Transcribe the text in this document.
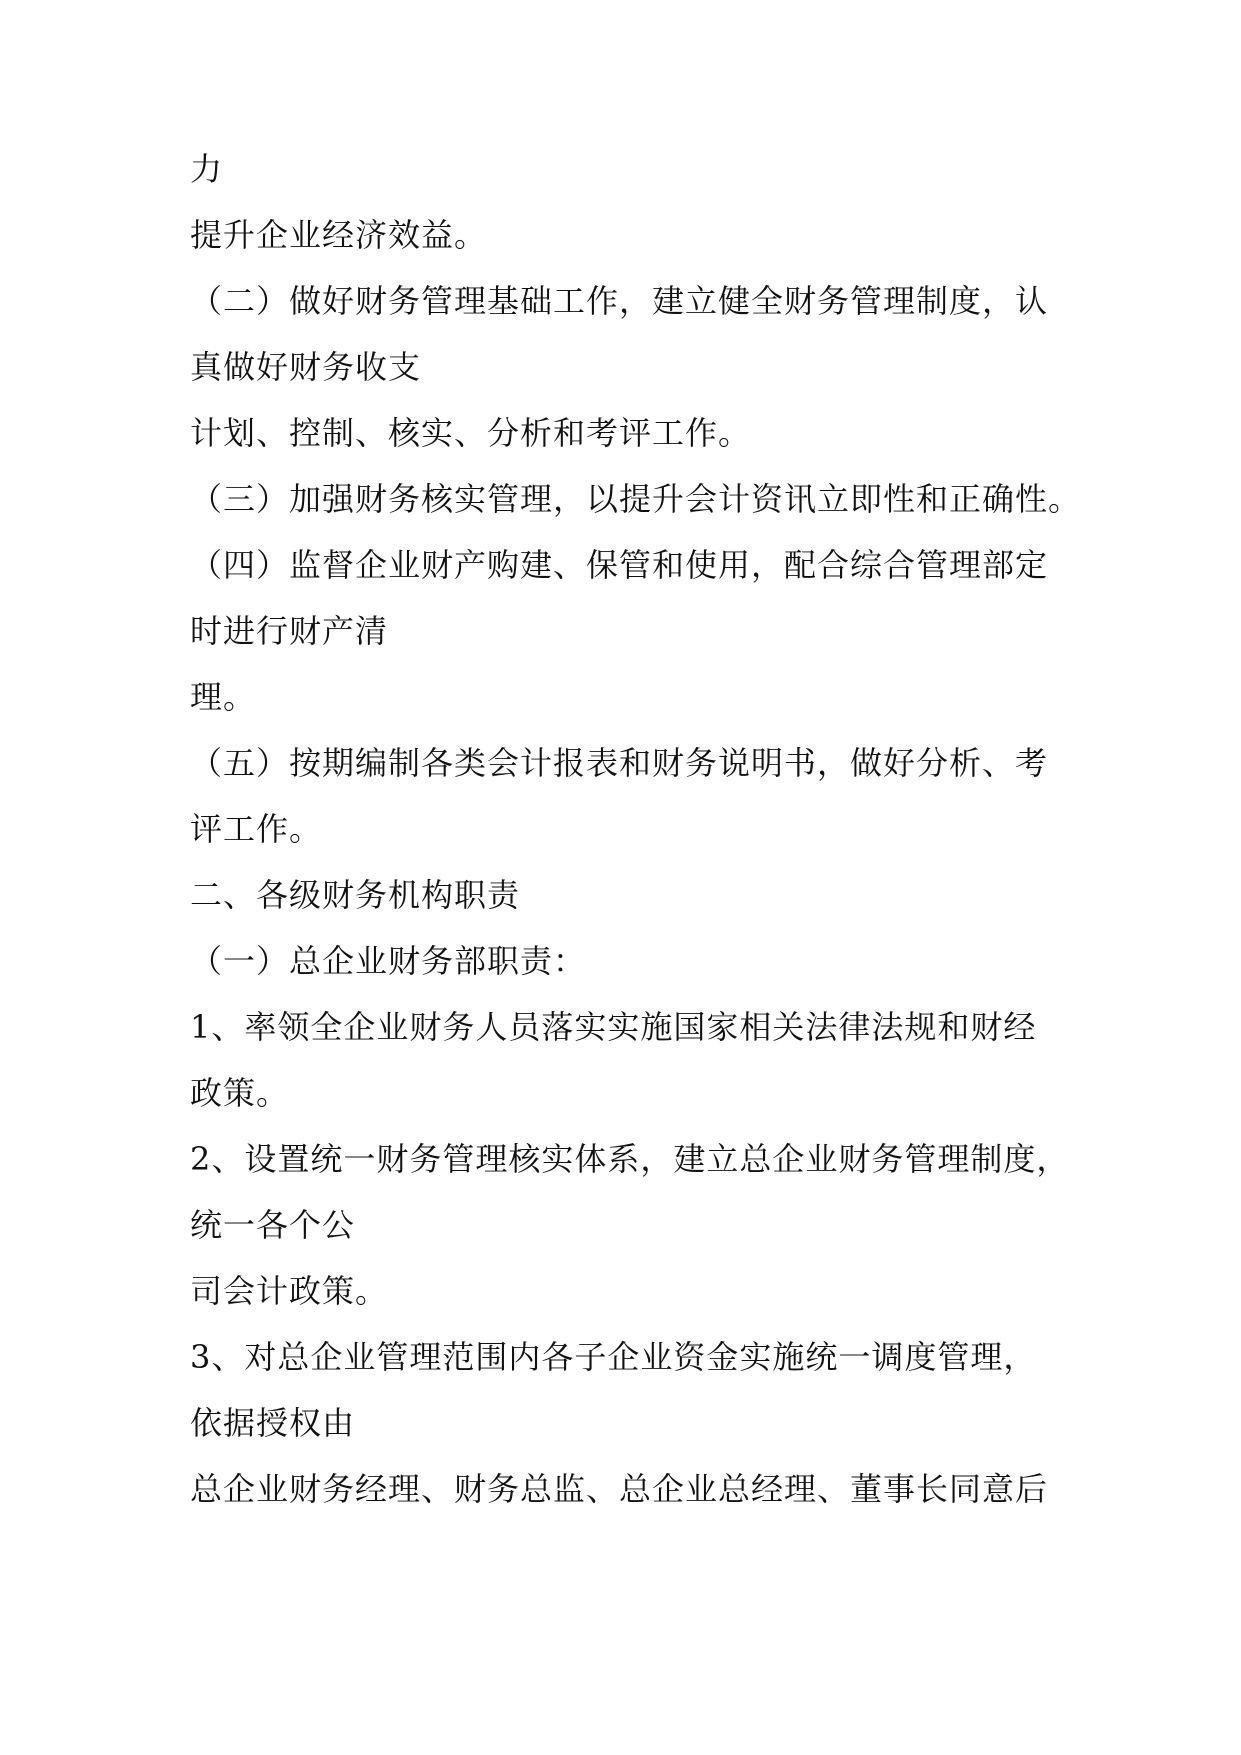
力
提升企业经济效益。
（二）做好财务管理基础工作，建立健全财务管理制度，认
真做好财务收支
计划、控制、核实、分析和考评工作。
（三）加强财务核实管理，以提升会计资讯立即性和正确性。
（四）监督企业财产购建、保管和使用，配合综合管理部定
时进行财产清
理。
（五）按期编制各类会计报表和财务说明书，做好分析、考
评工作。
二、各级财务机构职责
（一）总企业财务部职责：
1、率领全企业财务人员落实实施国家相关法律法规和财经
政策。
2、设置统一财务管理核实体系，建立总企业财务管理制度，
统一各个公
司会计政策。
3、对总企业管理范围内各子企业资金实施统一调度管理，
依据授权由
总企业财务经理、财务总监、总企业总经理、董事长同意后
